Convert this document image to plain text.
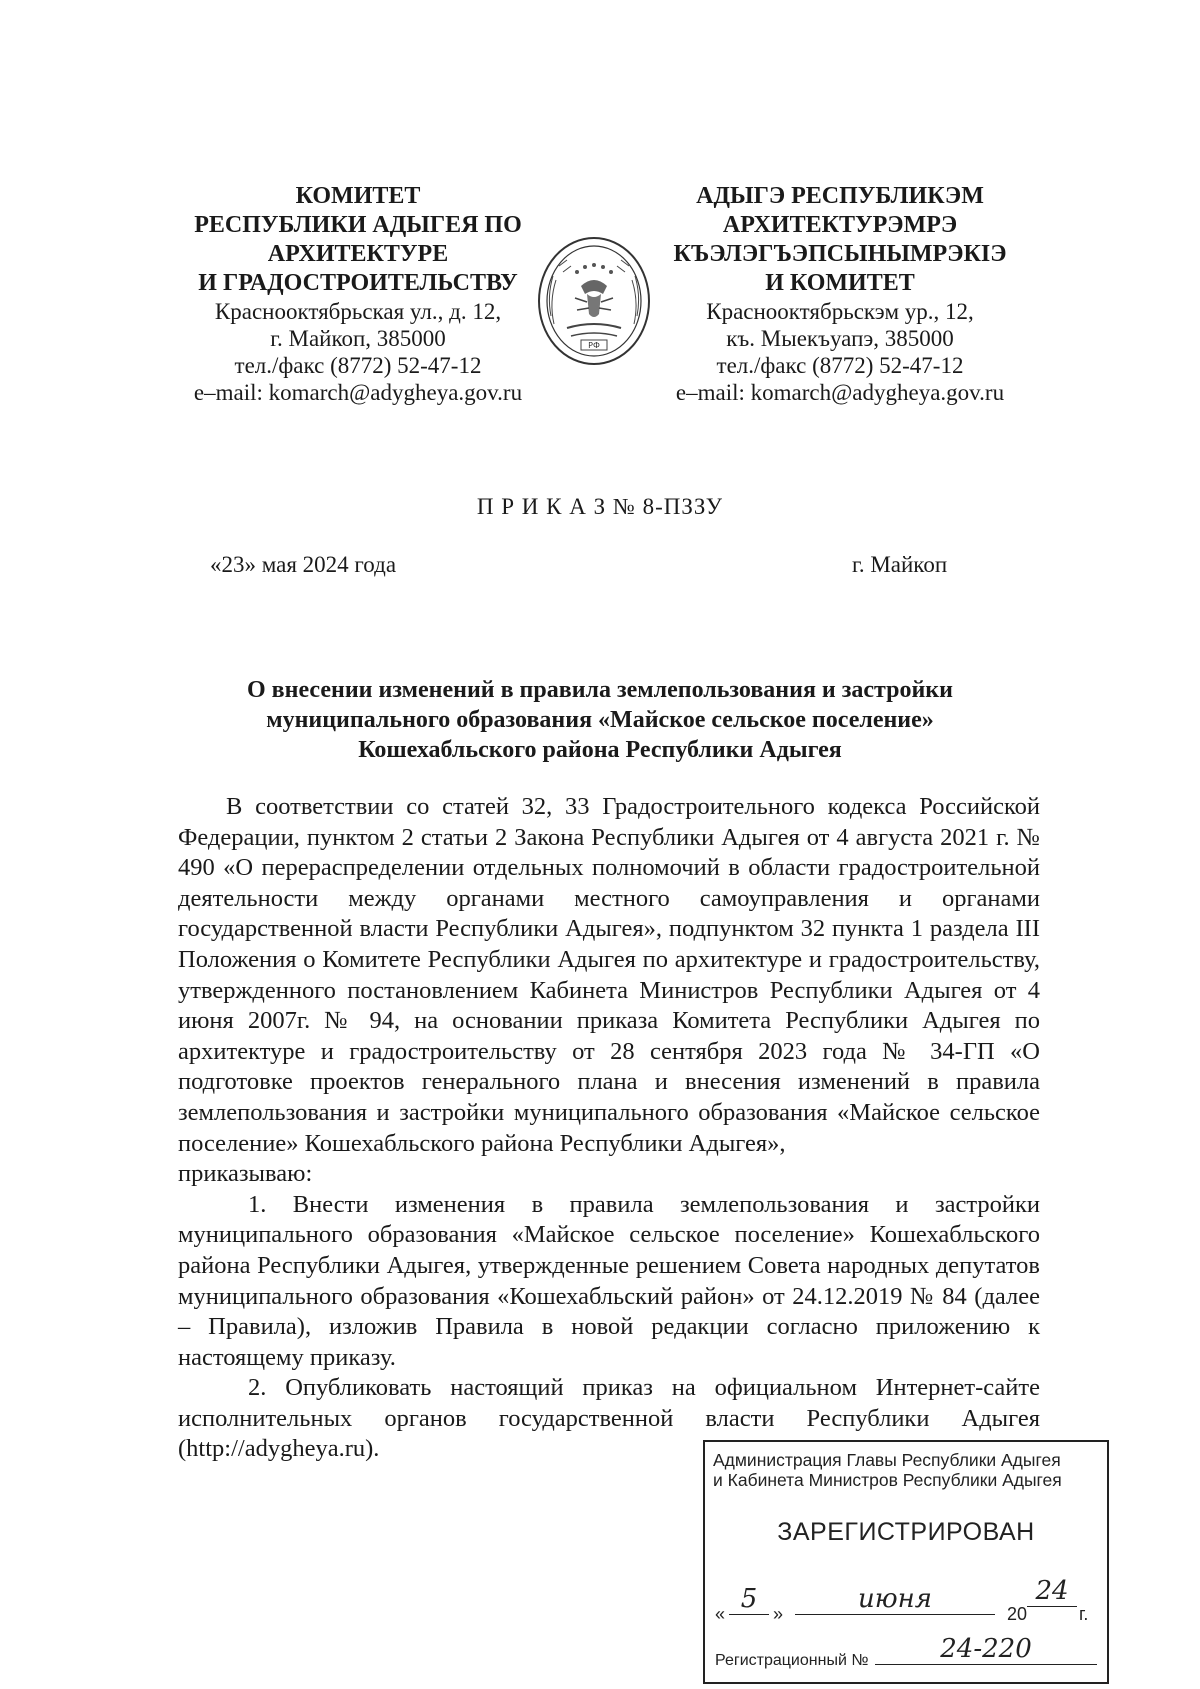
КОМИТЕТ
РЕСПУБЛИКИ АДЫГЕЯ ПО
АРХИТЕКТУРЕ
И ГРАДОСТРОИТЕЛЬСТВУ
Краснооктябрьская ул., д. 12,
г. Майкоп, 385000
тел./факс (8772) 52-47-12
e–mail: komarch@adygheya.gov.ru
РФ
АДЫГЭ РЕСПУБЛИКЭМ
АРХИТЕКТУРЭМРЭ
КЪЭЛЭГЪЭПСЫНЫМРЭКIЭ
И КОМИТЕТ
Краснооктябрьскэм ур., 12,
къ. Мыекъуапэ, 385000
тел./факс (8772) 52-47-12
e–mail: komarch@adygheya.gov.ru
П Р И К А З № 8-ПЗЗУ
«23» мая 2024 года	г. Майкоп
О внесении изменений в правила землепользования и застройки
муниципального образования «Майское сельское поселение»
Кошехабльского района Республики Адыгея

В соответствии со статей 32, 33 Градостроительного кодекса Российской Федерации, пунктом 2 статьи 2 Закона Республики Адыгея от 4 августа 2021 г. № 490 «О перераспределении отдельных полномочий в области градостроительной деятельности между органами местного самоуправления и органами государственной власти Республики Адыгея», подпунктом 32 пункта 1 раздела III Положения о Комитете Республики Адыгея по архитектуре и градостроительству, утвержденного постановлением Кабинета Министров Республики Адыгея от 4 июня 2007г. № 94, на основании приказа Комитета Республики Адыгея по архитектуре и градостроительству от 28 сентября 2023 года № 34-ГП «О подготовке проектов генерального плана и внесения изменений в правила землепользования и застройки муниципального образования «Майское сельское поселение» Кошехабльского района Республики Адыгея»,

приказываю:

1. Внести изменения в правила землепользования и застройки муниципального образования «Майское сельское поселение» Кошехабльского района Республики Адыгея, утвержденные решением Совета народных депутатов муниципального образования «Кошехабльский район» от 24.12.2019 № 84 (далее – Правила), изложив Правила в новой редакции согласно приложению к настоящему приказу.

2. Опубликовать настоящий приказ на официальном Интернет-сайте исполнительных органов государственной власти Республики Адыгея (http://adygheya.ru).	Администрация Главы Республики Адыгея
и Кабинета Министров Республики Адыгея
ЗАРЕГИСТРИРОВАН
« 5 »	июня	20
24
г.
Регистрационный №	24-220
